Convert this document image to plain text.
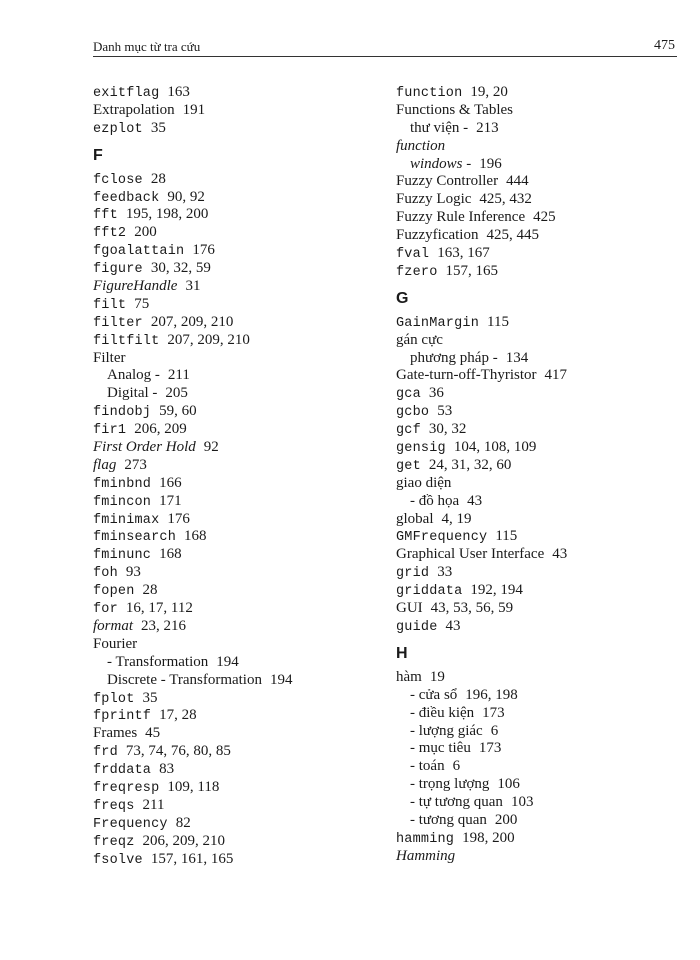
Danh mục từ tra cứu	475
exitflag 163
Extrapolation 191
ezplot 35
F
fclose 28
feedback 90, 92
fft 195, 198, 200
fft2 200
fgoalattain 176
figure 30, 32, 59
FigureHandle 31
filt 75
filter 207, 209, 210
filtfilt 207, 209, 210
Filter
Analog - 211
Digital - 205
findobj 59, 60
fir1 206, 209
First Order Hold 92
flag 273
fminbnd 166
fmincon 171
fminimax 176
fminsearch 168
fminunc 168
foh 93
fopen 28
for 16, 17, 112
format 23, 216
Fourier
- Transformation 194
Discrete - Transformation 194
fplot 35
fprintf 17, 28
Frames 45
frd 73, 74, 76, 80, 85
frddata 83
freqresp 109, 118
freqs 211
Frequency 82
freqz 206, 209, 210
fsolve 157, 161, 165
function 19, 20
Functions & Tables
thư viện - 213
function
windows - 196
Fuzzy Controller 444
Fuzzy Logic 425, 432
Fuzzy Rule Inference 425
Fuzzyfication 425, 445
fval 163, 167
fzero 157, 165
G
GainMargin 115
gán cực
phương pháp - 134
Gate-turn-off-Thyristor 417
gca 36
gcbo 53
gcf 30, 32
gensig 104, 108, 109
get 24, 31, 32, 60
giao diện
- đồ họa 43
global 4, 19
GMFrequency 115
Graphical User Interface 43
grid 33
griddata 192, 194
GUI 43, 53, 56, 59
guide 43
H
hàm 19
- cửa sổ 196, 198
- điều kiện 173
- lượng giác 6
- mục tiêu 173
- toán 6
- trọng lượng 106
- tự tương quan 103
- tương quan 200
hamming 198, 200
Hamming
